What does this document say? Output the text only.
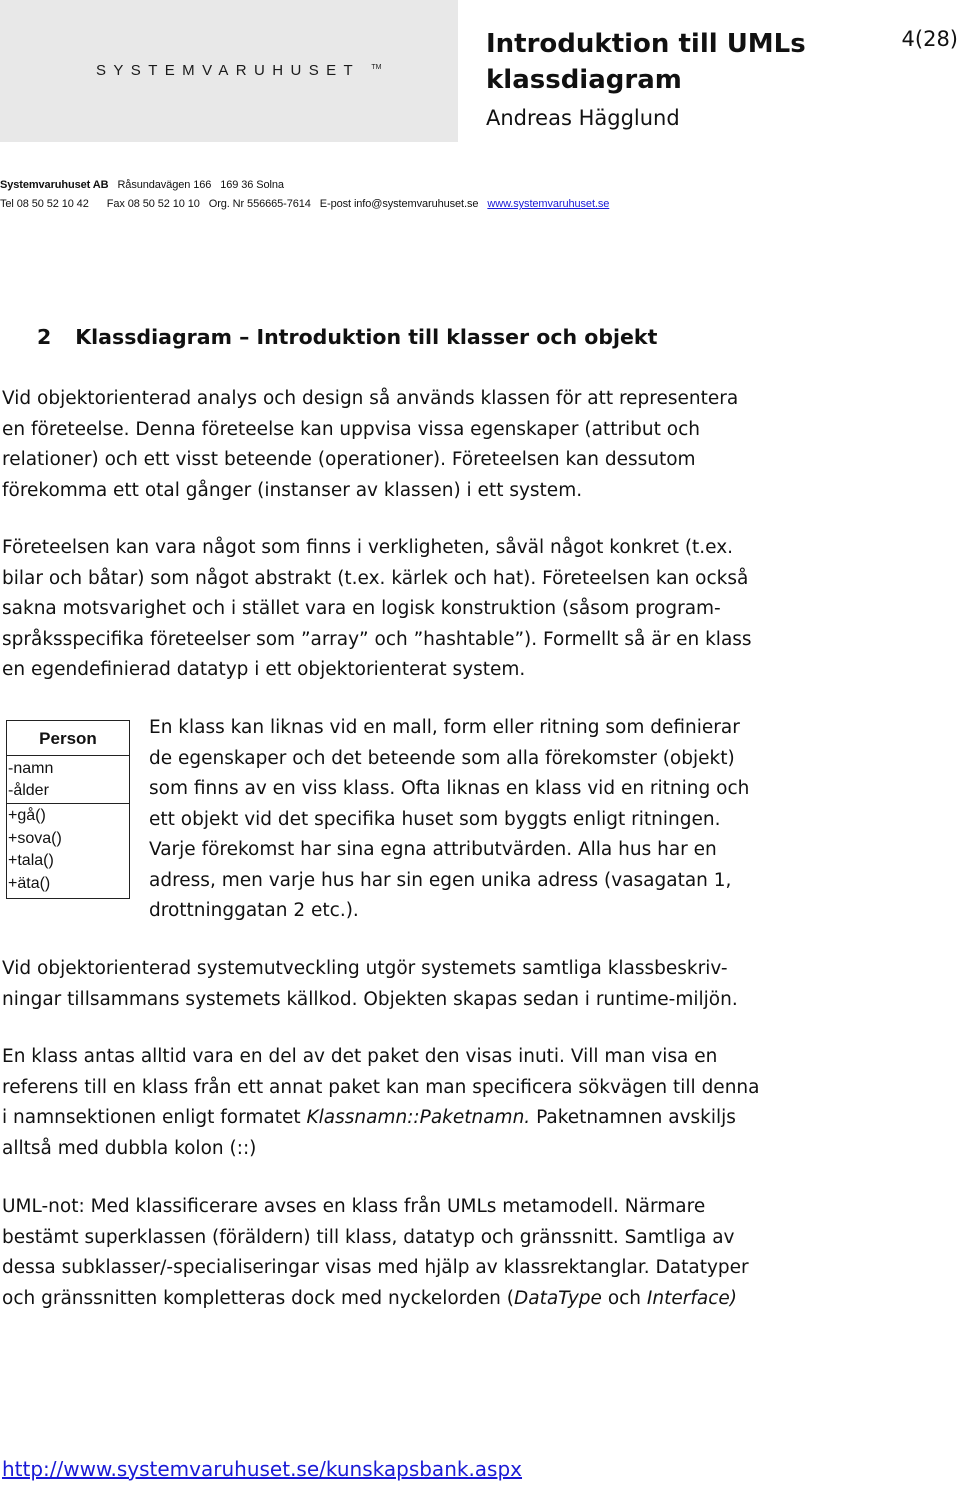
SYSTEMVARUHUSET ™
Introduktion till UMLs klassdiagram
Andreas Hägglund
4(28)
Systemvaruhuset AB Råsundavägen 166 169 36 Solna
Tel 08 50 52 10 42 Fax 08 50 52 10 10 Org. Nr 556665-7614 E-post info@systemvaruhuset.se www.systemvaruhuset.se
2 Klassdiagram – Introduktion till klasser och objekt

Vid objektorienterad analys och design så används klassen för att representera
en företeelse. Denna företeelse kan uppvisa vissa egenskaper (attribut och
relationer) och ett visst beteende (operationer). Företeelsen kan dessutom
förekomma ett otal gånger (instanser av klassen) i ett system.

Företeelsen kan vara något som finns i verkligheten, såväl något konkret (t.ex.
bilar och båtar) som något abstrakt (t.ex. kärlek och hat). Företeelsen kan också
sakna motsvarighet och i stället vara en logisk konstruktion (såsom program-
språksspecifika företeelser som ”array” och ”hashtable”). Formellt så är en klass
en egendefinierad datatyp i ett objektorienterat system.

Person
-namn
-ålder
+gå()
+sova()
+tala()
+äta()

En klass kan liknas vid en mall, form eller ritning som definierar
de egenskaper och det beteende som alla förekomster (objekt)
som finns av en viss klass. Ofta liknas en klass vid en ritning och
ett objekt vid det specifika huset som byggts enligt ritningen.
Varje förekomst har sina egna attributvärden. Alla hus har en
adress, men varje hus har sin egen unika adress (vasagatan 1,
drottninggatan 2 etc.).

Vid objektorienterad systemutveckling utgör systemets samtliga klassbeskriv-
ningar tillsammans systemets källkod. Objekten skapas sedan i runtime-miljön.

En klass antas alltid vara en del av det paket den visas inuti. Vill man visa en
referens till en klass från ett annat paket kan man specificera sökvägen till denna
i namnsektionen enligt formatet Klassnamn::Paketnamn. Paketnamnen avskiljs
alltså med dubbla kolon (::)

UML-not: Med klassificerare avses en klass från UMLs metamodell. Närmare
bestämt superklassen (föräldern) till klass, datatyp och gränssnitt. Samtliga av
dessa subklasser/-specialiseringar visas med hjälp av klassrektanglar. Datatyper
och gränssnitten kompletteras dock med nyckelorden (DataType och Interface)

http://www.systemvaruhuset.se/kunskapsbank.aspx
